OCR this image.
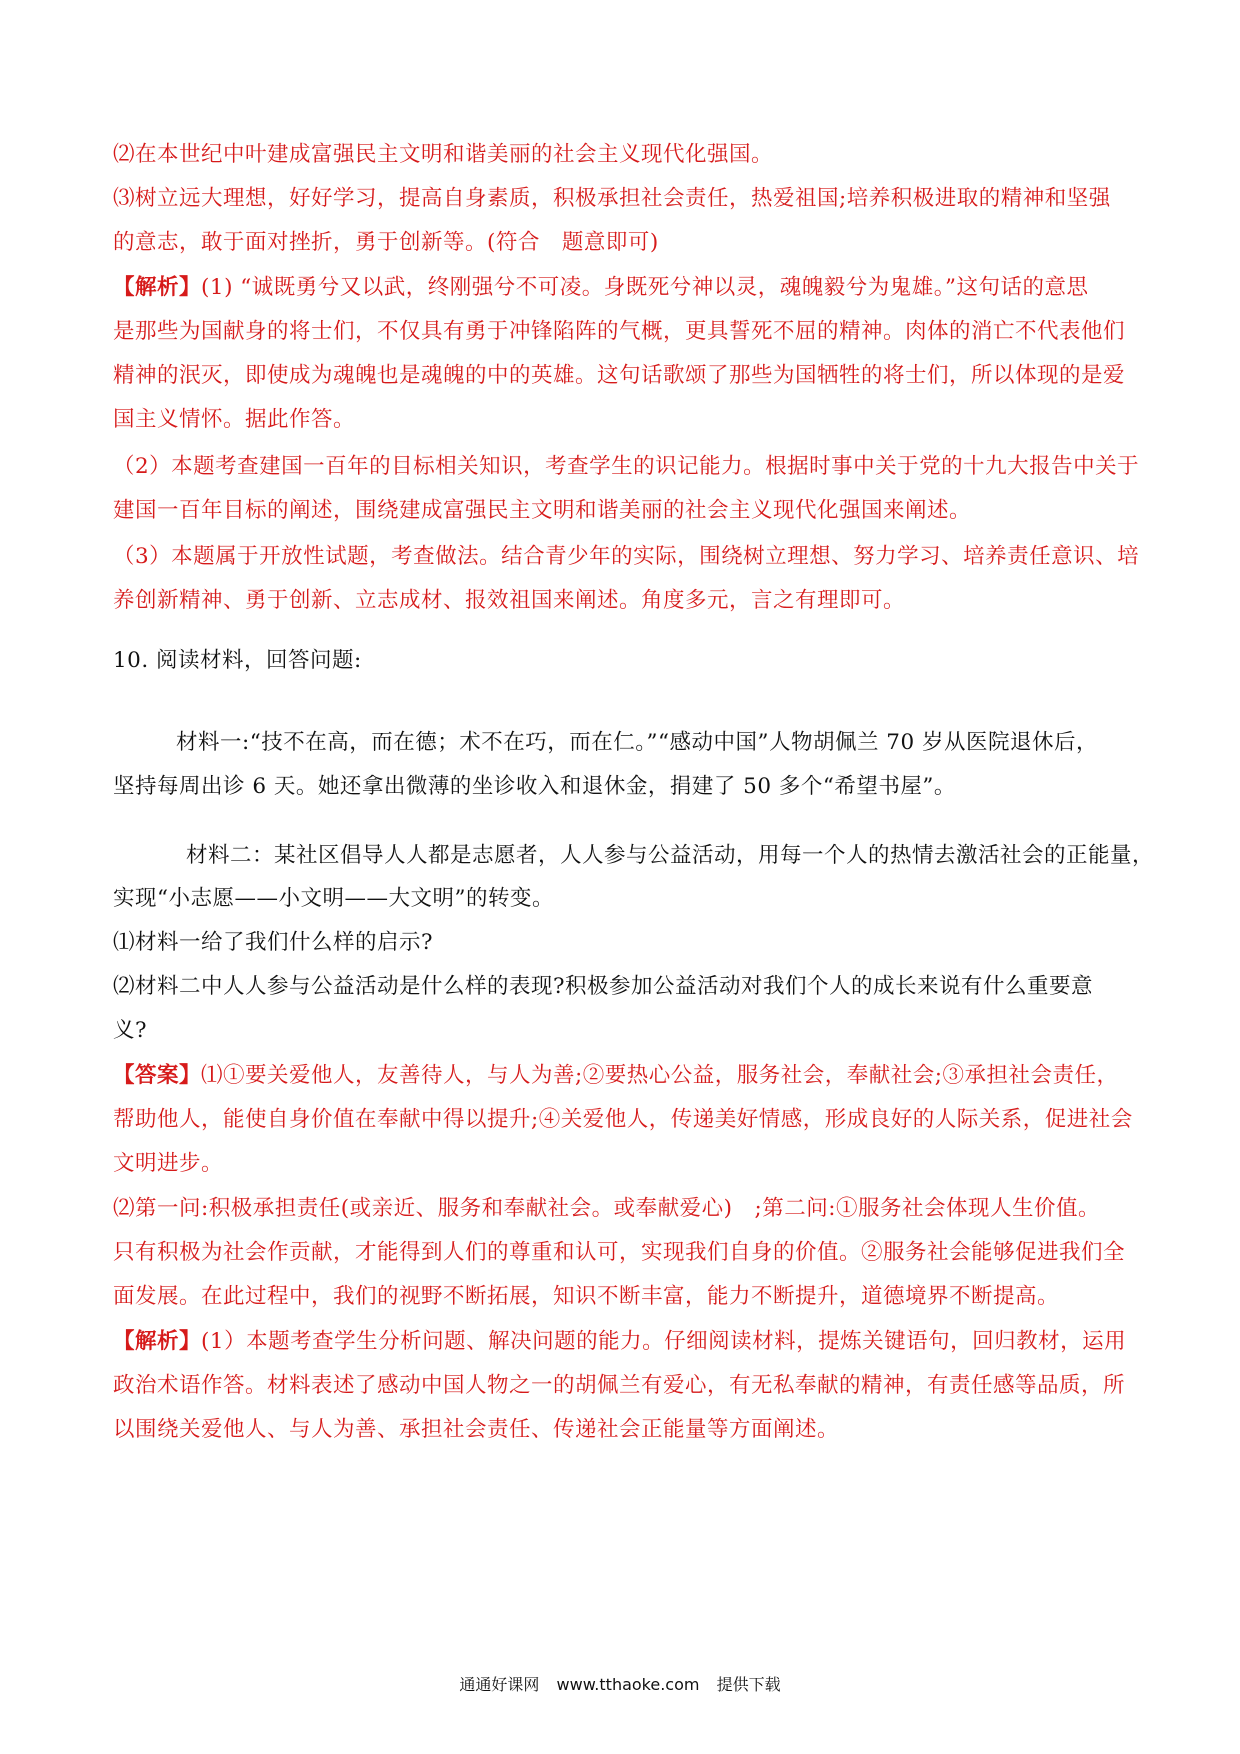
⑵在本世纪中叶建成富强民主文明和谐美丽的社会主义现代化强国。
⑶树立远大理想，好好学习，提高自身素质，积极承担社会责任，热爱祖国;培养积极进取的精神和坚强
的意志，敢于面对挫折，勇于创新等。(符合　题意即可)
【解析】(1) “诚既勇兮又以武，终刚强兮不可凌。身既死兮神以灵，魂魄毅兮为鬼雄。”这句话的意思
是那些为国献身的将士们，不仅具有勇于冲锋陷阵的气概，更具誓死不屈的精神。肉体的消亡不代表他们
精神的泯灭，即使成为魂魄也是魂魄的中的英雄。这句话歌颂了那些为国牺牲的将士们，所以体现的是爱
国主义情怀。据此作答。
（2）本题考查建国一百年的目标相关知识，考查学生的识记能力。根据时事中关于党的十九大报告中关于
建国一百年目标的阐述，围绕建成富强民主文明和谐美丽的社会主义现代化强国来阐述。
（3）本题属于开放性试题，考查做法。结合青少年的实际，围绕树立理想、努力学习、培养责任意识、培
养创新精神、勇于创新、立志成材、报效祖国来阐述。角度多元，言之有理即可。
10. 阅读材料，回答问题:
材料一:“技不在高，而在德；术不在巧，而在仁。”“感动中国”人物胡佩兰 70 岁从医院退休后，
坚持每周出诊 6 天。她还拿出微薄的坐诊收入和退休金，捐建了 50 多个“希望书屋”。
材料二：某社区倡导人人都是志愿者，人人参与公益活动，用每一个人的热情去激活社会的正能量，
实现“小志愿——小文明——大文明”的转变。
⑴材料一给了我们什么样的启示?
⑵材料二中人人参与公益活动是什么样的表现?积极参加公益活动对我们个人的成长来说有什么重要意
义?
【答案】⑴①要关爱他人，友善待人，与人为善;②要热心公益，服务社会，奉献社会;③承担社会责任，
帮助他人，能使自身价值在奉献中得以提升;④关爱他人，传递美好情感，形成良好的人际关系，促进社会
文明进步。
⑵第一问:积极承担责任(或亲近、服务和奉献社会。或奉献爱心)　;第二问:①服务社会体现人生价值。
只有积极为社会作贡献，才能得到人们的尊重和认可，实现我们自身的价值。②服务社会能够促进我们全
面发展。在此过程中，我们的视野不断拓展，知识不断丰富，能力不断提升，道德境界不断提高。
【解析】(1）本题考查学生分析问题、解决问题的能力。仔细阅读材料，提炼关键语句，回归教材，运用
政治术语作答。材料表述了感动中国人物之一的胡佩兰有爱心，有无私奉献的精神，有责任感等品质，所
以围绕关爱他人、与人为善、承担社会责任、传递社会正能量等方面阐述。
通通好课网 www.tthaoke.com 提供下载
